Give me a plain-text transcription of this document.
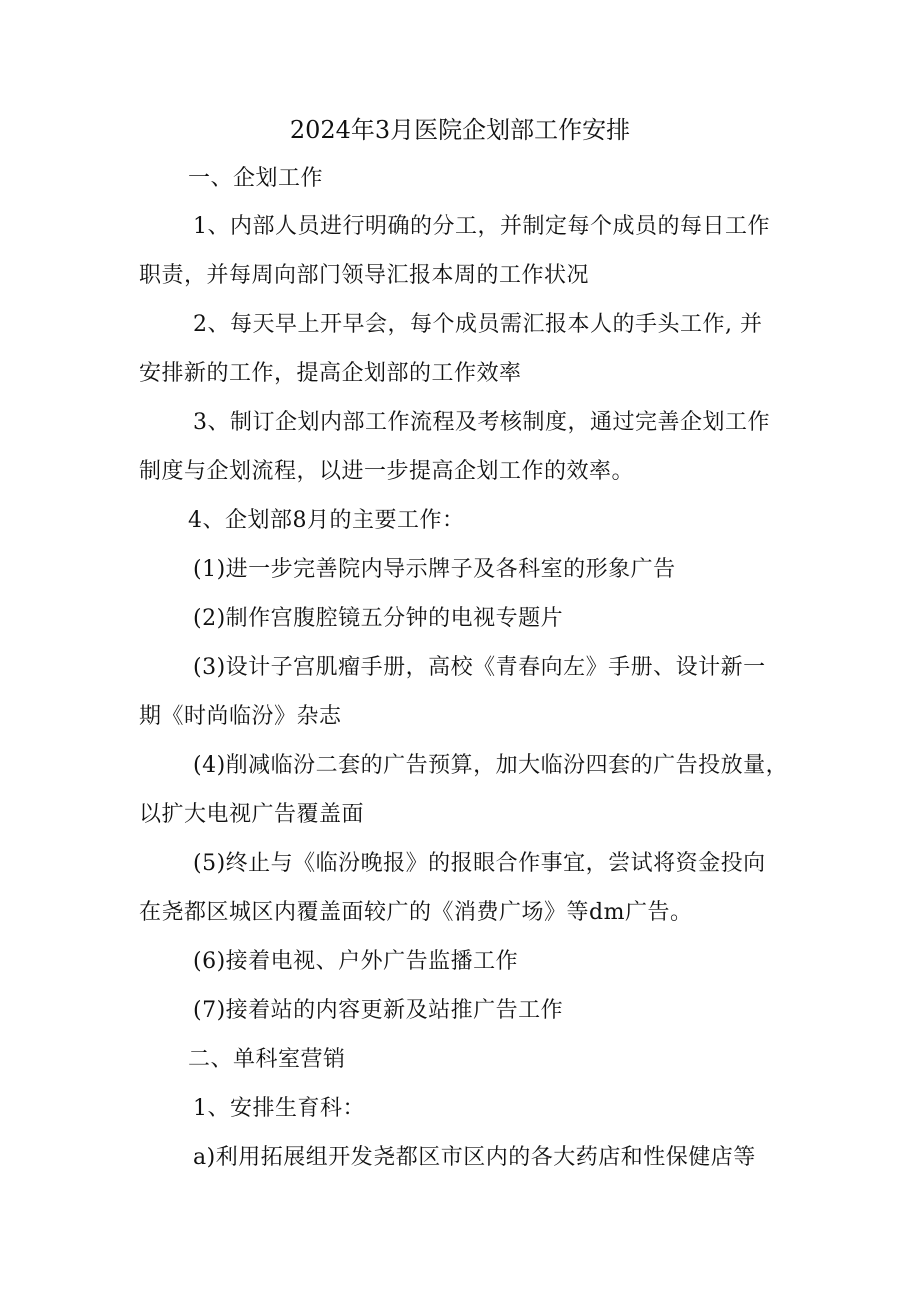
2024年3月医院企划部工作安排
一、企划工作
1、内部人员进行明确的分工，并制定每个成员的每日工作
职责，并每周向部门领导汇报本周的工作状况
2、每天早上开早会，每个成员需汇报本人的手头工作, 并
安排新的工作，提高企划部的工作效率
3、制订企划内部工作流程及考核制度，通过完善企划工作
制度与企划流程，以进一步提高企划工作的效率。
4、企划部8月的主要工作：
(1)进一步完善院内导示牌子及各科室的形象广告
(2)制作宫腹腔镜五分钟的电视专题片
(3)设计子宫肌瘤手册，高校《青春向左》手册、设计新一
期《时尚临汾》杂志
(4)削减临汾二套的广告预算，加大临汾四套的广告投放量，
以扩大电视广告覆盖面
(5)终止与《临汾晚报》的报眼合作事宜，尝试将资金投向
在尧都区城区内覆盖面较广的《消费广场》等dm广告。
(6)接着电视、户外广告监播工作
(7)接着站的内容更新及站推广告工作
二、单科室营销
1、安排生育科：
a)利用拓展组开发尧都区市区内的各大药店和性保健店等
